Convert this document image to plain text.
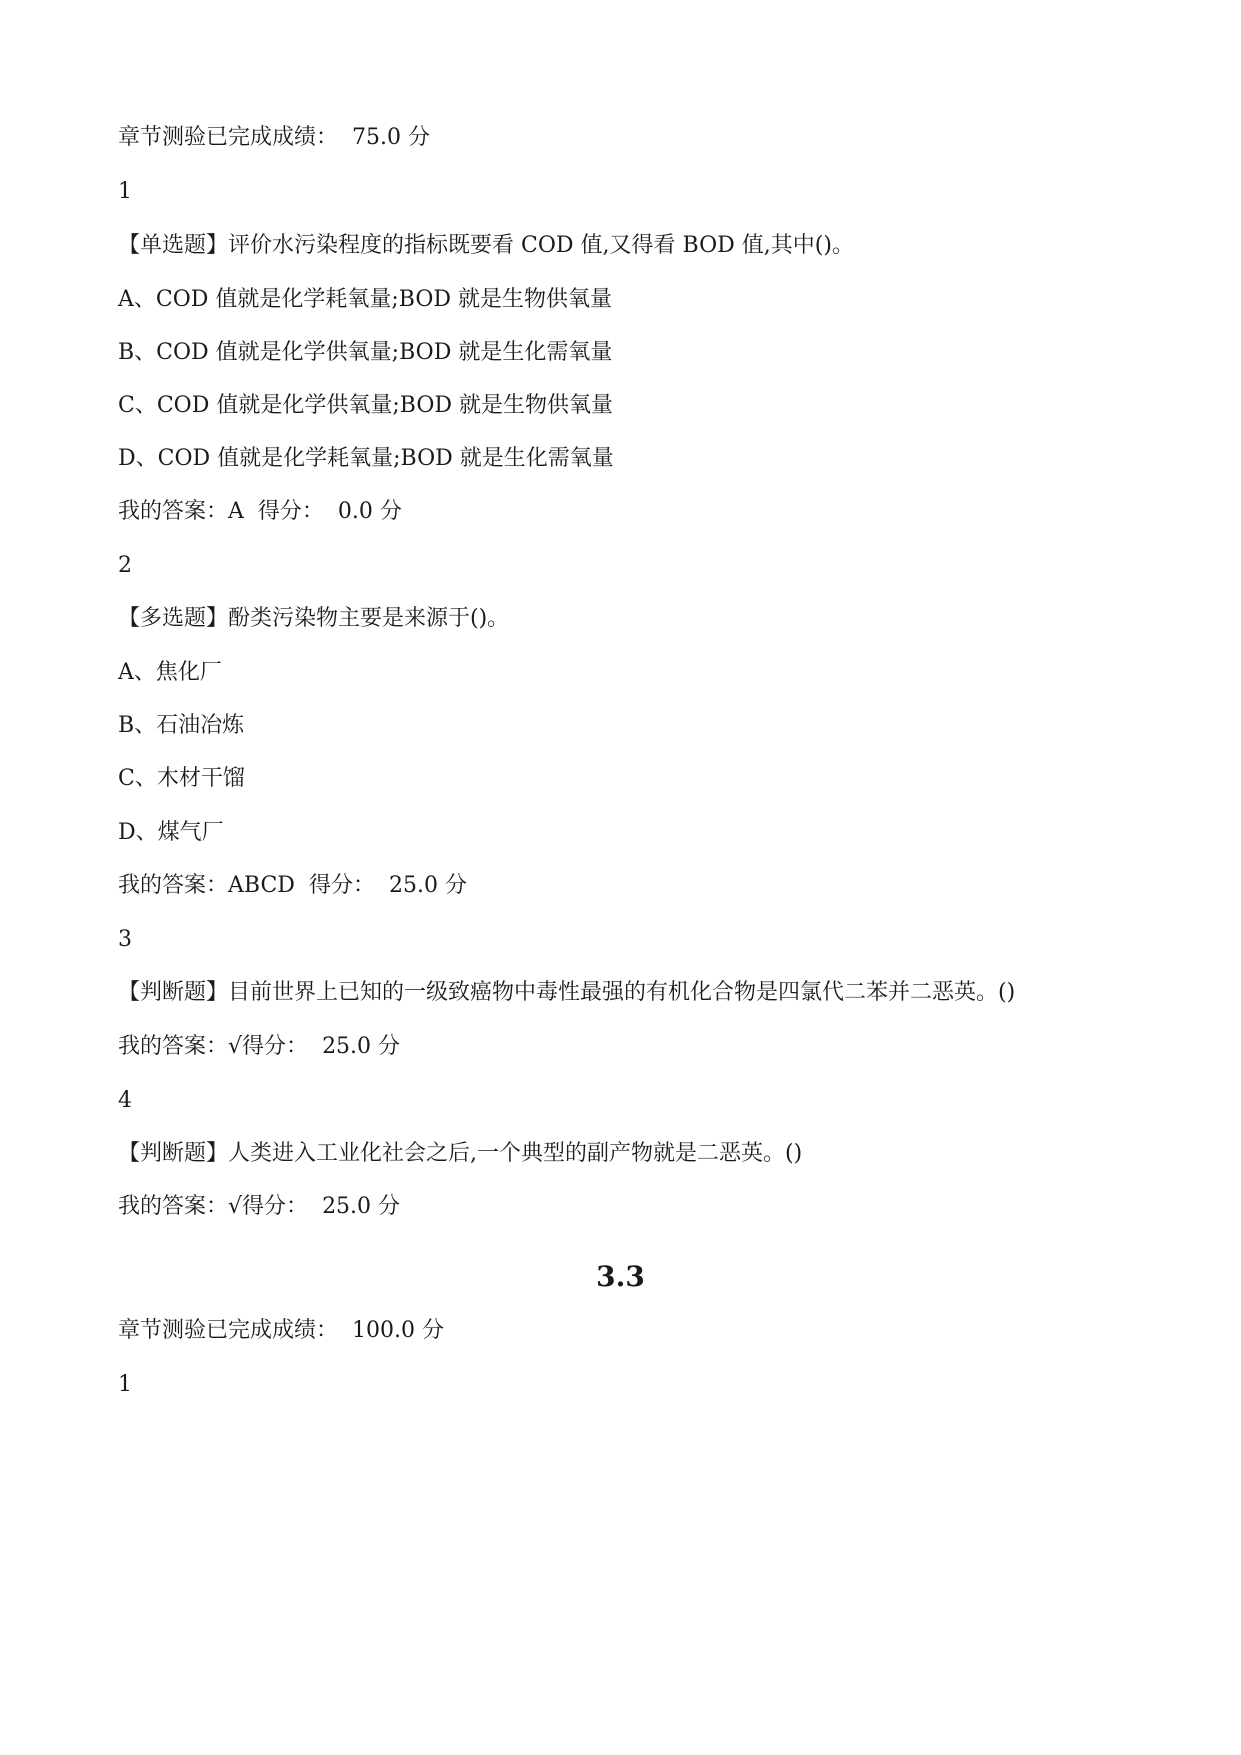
章节测验已完成成绩： 75.0 分
1
【单选题】评价水污染程度的指标既要看 COD 值,又得看 BOD 值,其中()。
A、COD 值就是化学耗氧量;BOD 就是生物供氧量
B、COD 值就是化学供氧量;BOD 就是生化需氧量
C、COD 值就是化学供氧量;BOD 就是生物供氧量
D、COD 值就是化学耗氧量;BOD 就是生化需氧量
我的答案：A 得分： 0.0 分
2
【多选题】酚类污染物主要是来源于()。
A、焦化厂
B、石油冶炼
C、木材干馏
D、煤气厂
我的答案：ABCD 得分： 25.0 分
3
【判断题】目前世界上已知的一级致癌物中毒性最强的有机化合物是四氯代二苯并二恶英。()
我的答案：√得分： 25.0 分
4
【判断题】人类进入工业化社会之后,一个典型的副产物就是二恶英。()
我的答案：√得分： 25.0 分
3.3
章节测验已完成成绩： 100.0 分
1
